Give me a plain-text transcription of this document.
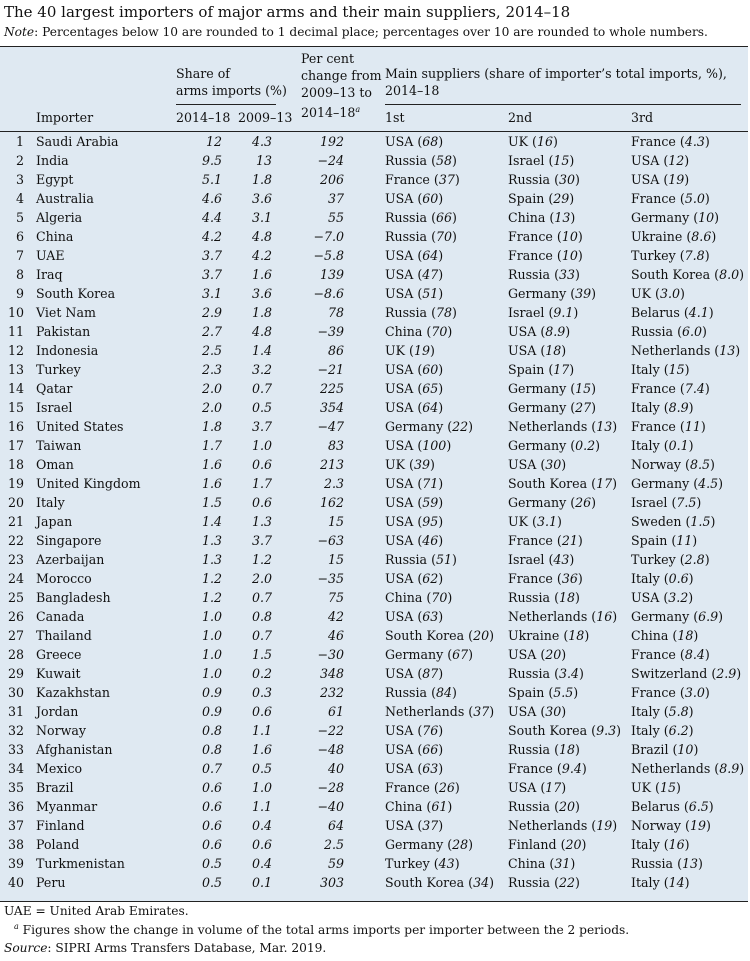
The 40 largest importers of major arms and their main suppliers, 2014–18
Note: Percentages below 10 are rounded to 1 decimal place; percentages over 10 are rounded to whole numbers.
Share of
arms imports (%)
Per cent
change from
2009–13 to
2014–18$^a$
Main suppliers (share of importer’s total imports, %),
2014–18
Importer	2014–18 2009–13	1st	2nd	3rd
1 Saudi Arabia	12	4.3	192	USA (68)	UK (16)	France (4.3)
2 India	9.5	13	−24	Russia (58)	Israel (15)	USA (12)
3 Egypt	5.1	1.8	206	France (37)	Russia (30)	USA (19)
4 Australia	4.6	3.6	37	USA (60)	Spain (29)	France (5.0)
5 Algeria	4.4	3.1	55	Russia (66)	China (13)	Germany (10)
6 China	4.2	4.8	−7.0	Russia (70)	France (10)	Ukraine (8.6)
7 UAE	3.7	4.2	−5.8	USA (64)	France (10)	Turkey (7.8)
8 Iraq	3.7	1.6	139	USA (47)	Russia (33)	South Korea (8.0)
9 South Korea	3.1	3.6	−8.6	USA (51)	Germany (39)	UK (3.0)
10 Viet Nam	2.9	1.8	78	Russia (78)	Israel (9.1)	Belarus (4.1)
11 Pakistan	2.7	4.8	−39	China (70)	USA (8.9)	Russia (6.0)
12 Indonesia	2.5	1.4	86	UK (19)	USA (18)	Netherlands (13)
13 Turkey	2.3	3.2	−21	USA (60)	Spain (17)	Italy (15)
14 Qatar	2.0	0.7	225	USA (65)	Germany (15)	France (7.4)
15 Israel	2.0	0.5	354	USA (64)	Germany (27)	Italy (8.9)
16 United States	1.8	3.7	−47	Germany (22)	Netherlands (13) France (11)
17 Taiwan	1.7	1.0	83	USA (100)	Germany (0.2) Italy (0.1)
18 Oman	1.6	0.6	213	UK (39)	USA (30)	Norway (8.5)
19 United Kingdom	1.6	1.7	2.3	USA (71)	South Korea (17) Germany (4.5)
20 Italy	1.5	0.6	162	USA (59)	Germany (26)	Israel (7.5)
21 Japan	1.4	1.3	15	USA (95)	UK (3.1)	Sweden (1.5)
22 Singapore	1.3	3.7	−63	USA (46)	France (21)	Spain (11)
23 Azerbaijan	1.3	1.2	15	Russia (51)	Israel (43)	Turkey (2.8)
24 Morocco	1.2	2.0	−35	USA (62)	France (36)	Italy (0.6)
25 Bangladesh	1.2	0.7	75	China (70)	Russia (18)	USA (3.2)
26 Canada	1.0	0.8	42	USA (63)	Netherlands (16) Germany (6.9)
27 Thailand	1.0	0.7	46	South Korea (20) Ukraine (18)	China (18)
28 Greece	1.0	1.5	−30	Germany (67)	USA (20)	France (8.4)
29 Kuwait	1.0	0.2	348	USA (87)	Russia (3.4)	Switzerland (2.9)
30 Kazakhstan	0.9	0.3	232	Russia (84)	Spain (5.5)	France (3.0)
31 Jordan	0.9	0.6	61	Netherlands (37) USA (30)	Italy (5.8)
32 Norway	0.8	1.1	−22	USA (76)	South Korea (9.3) Italy (6.2)
33 Afghanistan	0.8	1.6	−48	USA (66)	Russia (18)	Brazil (10)
34 Mexico	0.7	0.5	40	USA (63)	France (9.4)	Netherlands (8.9)
35 Brazil	0.6	1.0	−28	France (26)	USA (17)	UK (15)
36 Myanmar	0.6	1.1	−40	China (61)	Russia (20)	Belarus (6.5)
37 Finland	0.6	0.4	64	USA (37)	Netherlands (19) Norway (19)
38 Poland	0.6	0.6	2.5	Germany (28)	Finland (20)	Italy (16)
39 Turkmenistan	0.5	0.4	59	Turkey (43)	China (31)	Russia (13)
40 Peru	0.5	0.1	303	South Korea (34) Russia (22)	Italy (14)
UAE = United Arab Emirates.
$^a$ Figures show the change in volume of the total arms imports per importer between the 2 periods.
Source: SIPRI Arms Transfers Database, Mar. 2019.
